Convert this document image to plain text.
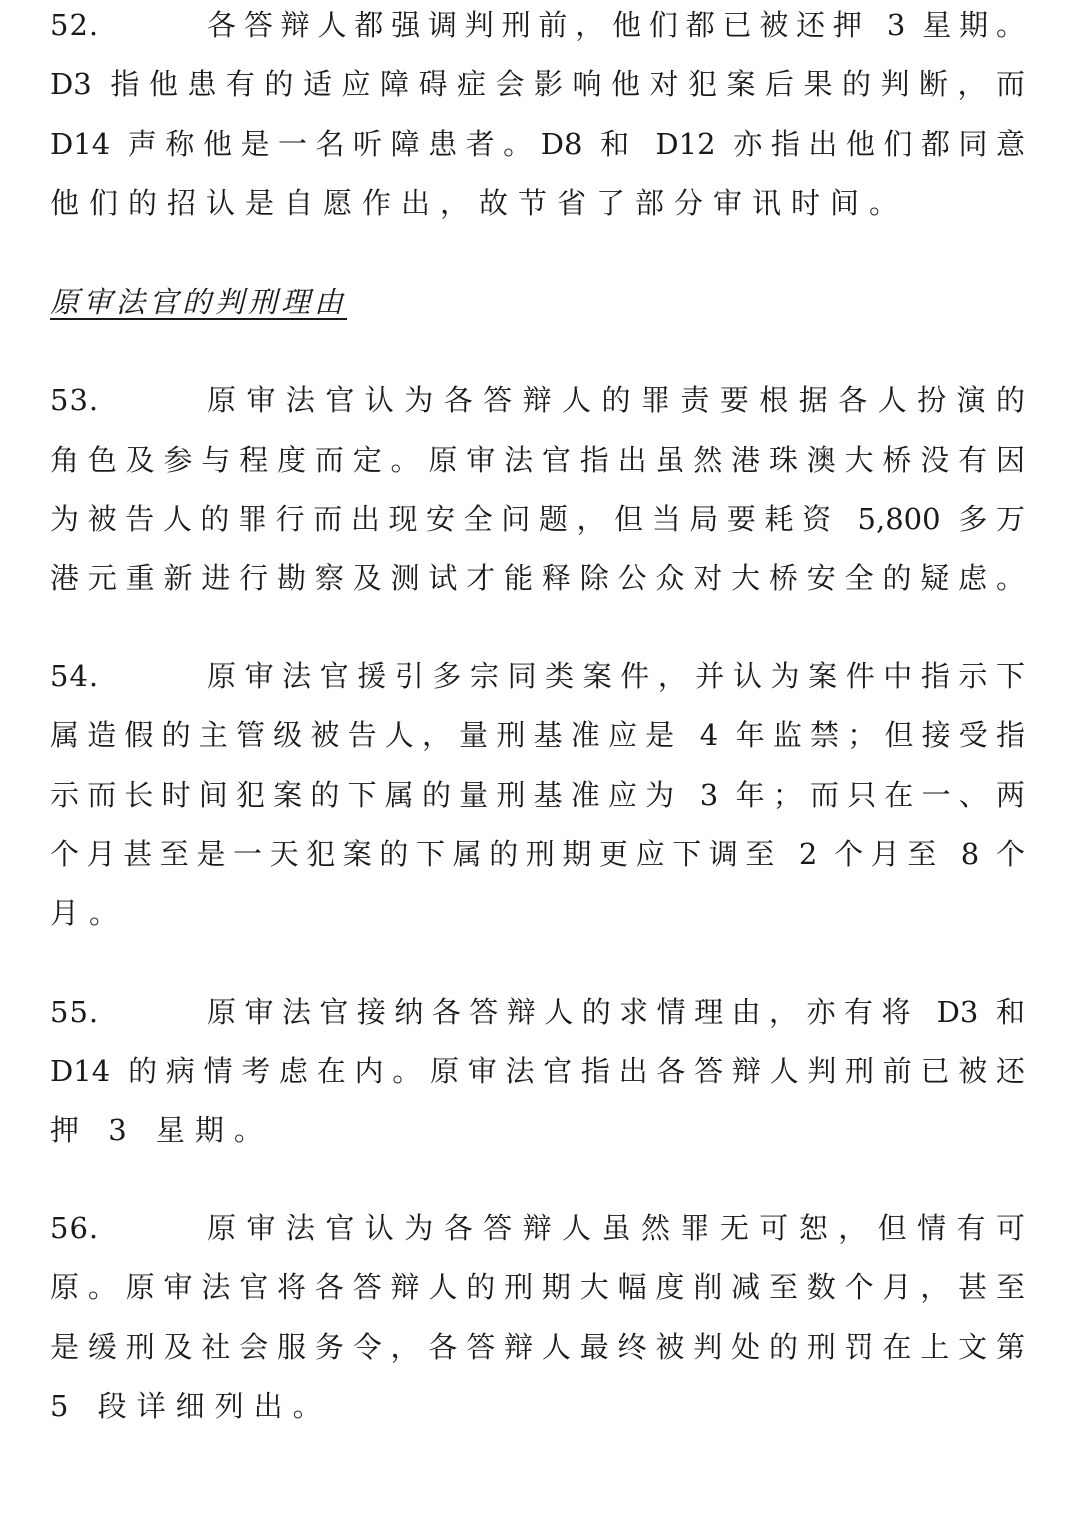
52.	各答辩人都强调判刑前，他们都已被还押 3 星期。
D3 指他患有的适应障碍症会影响他对犯案后果的判断，而
D14 声称他是一名听障患者。D8 和 D12 亦指出他们都同意
他们的招认是自愿作出，故节省了部分审讯时间。
原审法官的判刑理由
53.	原审法官认为各答辩人的罪责要根据各人扮演的
角色及参与程度而定。原审法官指出虽然港珠澳大桥没有因
为被告人的罪行而出现安全问题，但当局要耗资 5,800 多万
港元重新进行勘察及测试才能释除公众对大桥安全的疑虑。
54.	原审法官援引多宗同类案件，并认为案件中指示下
属造假的主管级被告人，量刑基准应是 4 年监禁；但接受指
示而长时间犯案的下属的量刑基准应为 3 年；而只在一、两
个月甚至是一天犯案的下属的刑期更应下调至 2 个月至 8 个
月。
55.	原审法官接纳各答辩人的求情理由，亦有将 D3 和
D14 的病情考虑在内。原审法官指出各答辩人判刑前已被还
押 3 星期。
56.	原审法官认为各答辩人虽然罪无可恕，但情有可
原。原审法官将各答辩人的刑期大幅度削减至数个月，甚至
是缓刑及社会服务令，各答辩人最终被判处的刑罚在上文第
5 段详细列出。
